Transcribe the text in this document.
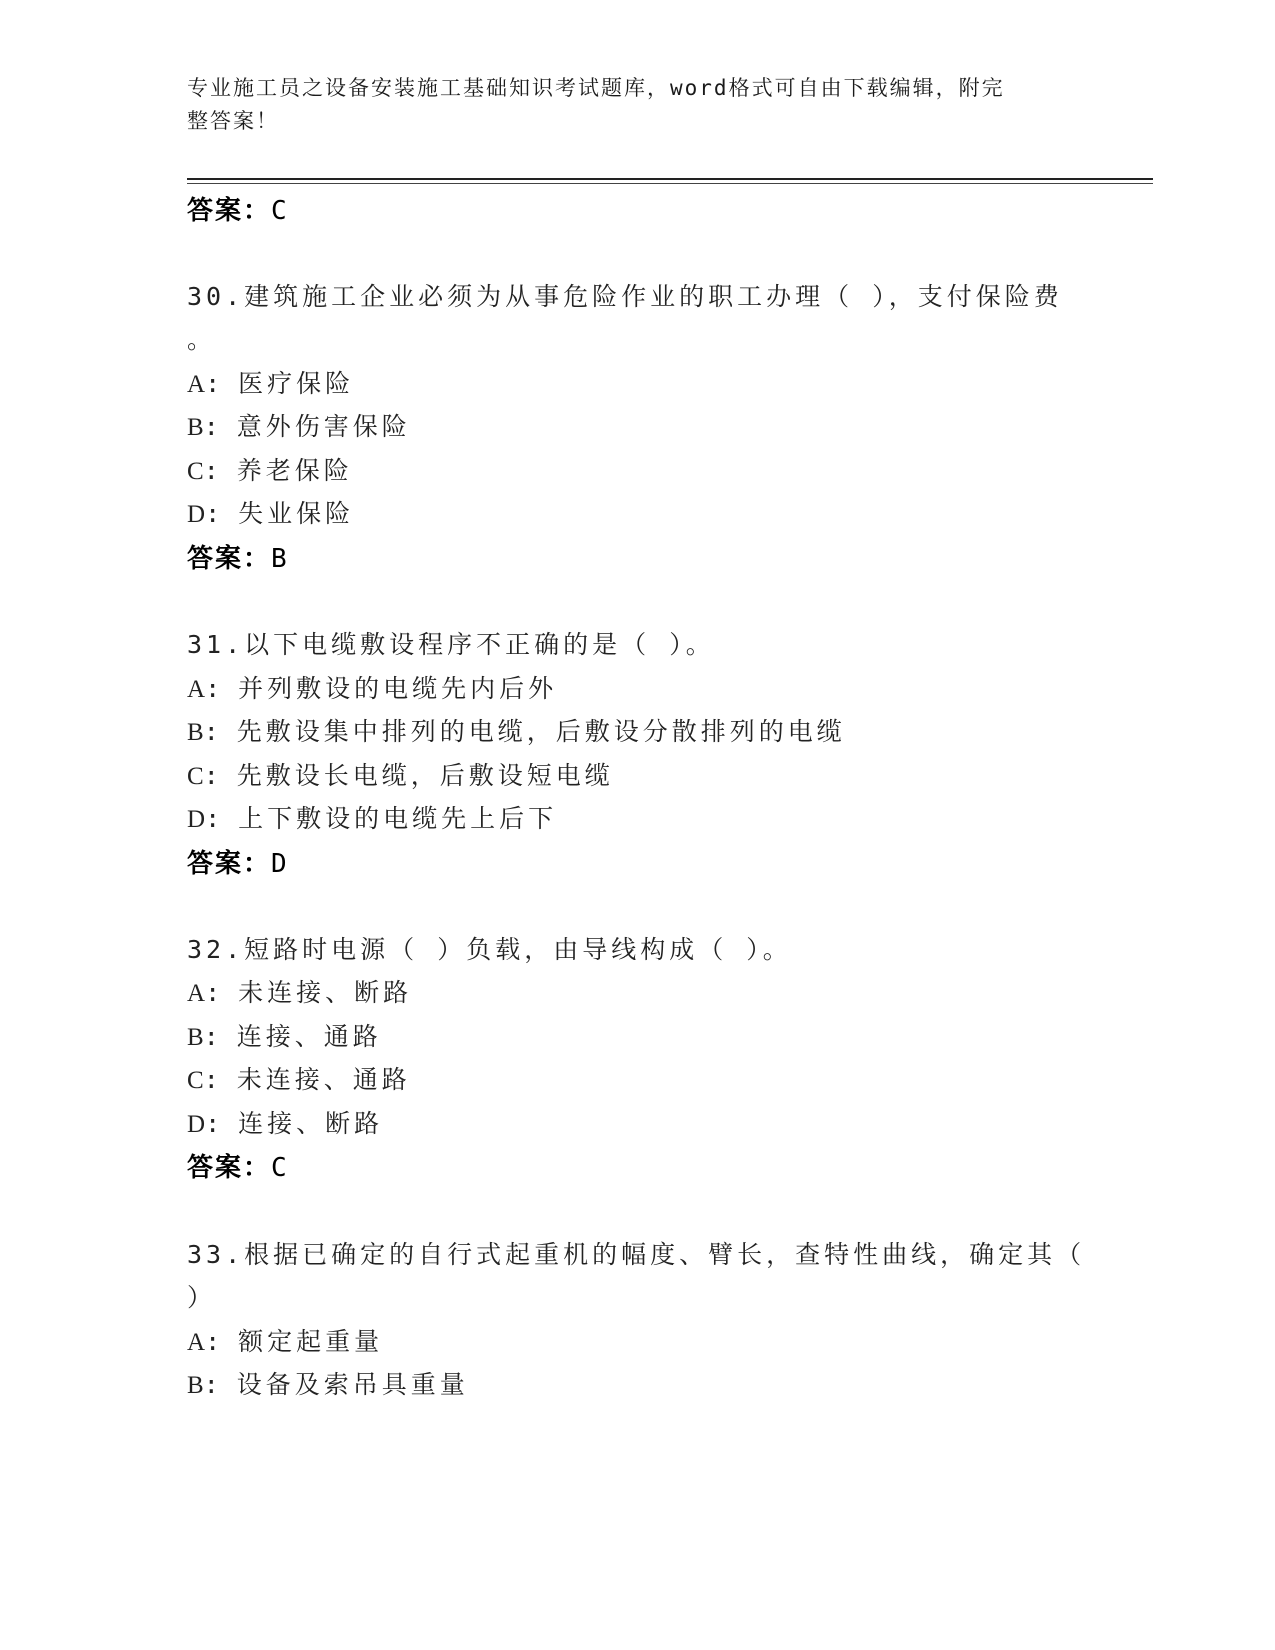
专业施工员之设备安装施工基础知识考试题库，word格式可自由下载编辑，附完
整答案！
答案：C
30.建筑施工企业必须为从事危险作业的职工办理（ ），支付保险费
。
A: 医疗保险
B: 意外伤害保险
C: 养老保险
D: 失业保险
答案：B
31.以下电缆敷设程序不正确的是（ ）。
A: 并列敷设的电缆先内后外
B: 先敷设集中排列的电缆，后敷设分散排列的电缆
C: 先敷设长电缆，后敷设短电缆
D: 上下敷设的电缆先上后下
答案：D
32.短路时电源（ ）负载，由导线构成（ ）。
A: 未连接、断路
B: 连接、通路
C: 未连接、通路
D: 连接、断路
答案：C
33.根据已确定的自行式起重机的幅度、臂长，查特性曲线，确定其（
）
A: 额定起重量
B: 设备及索吊具重量
